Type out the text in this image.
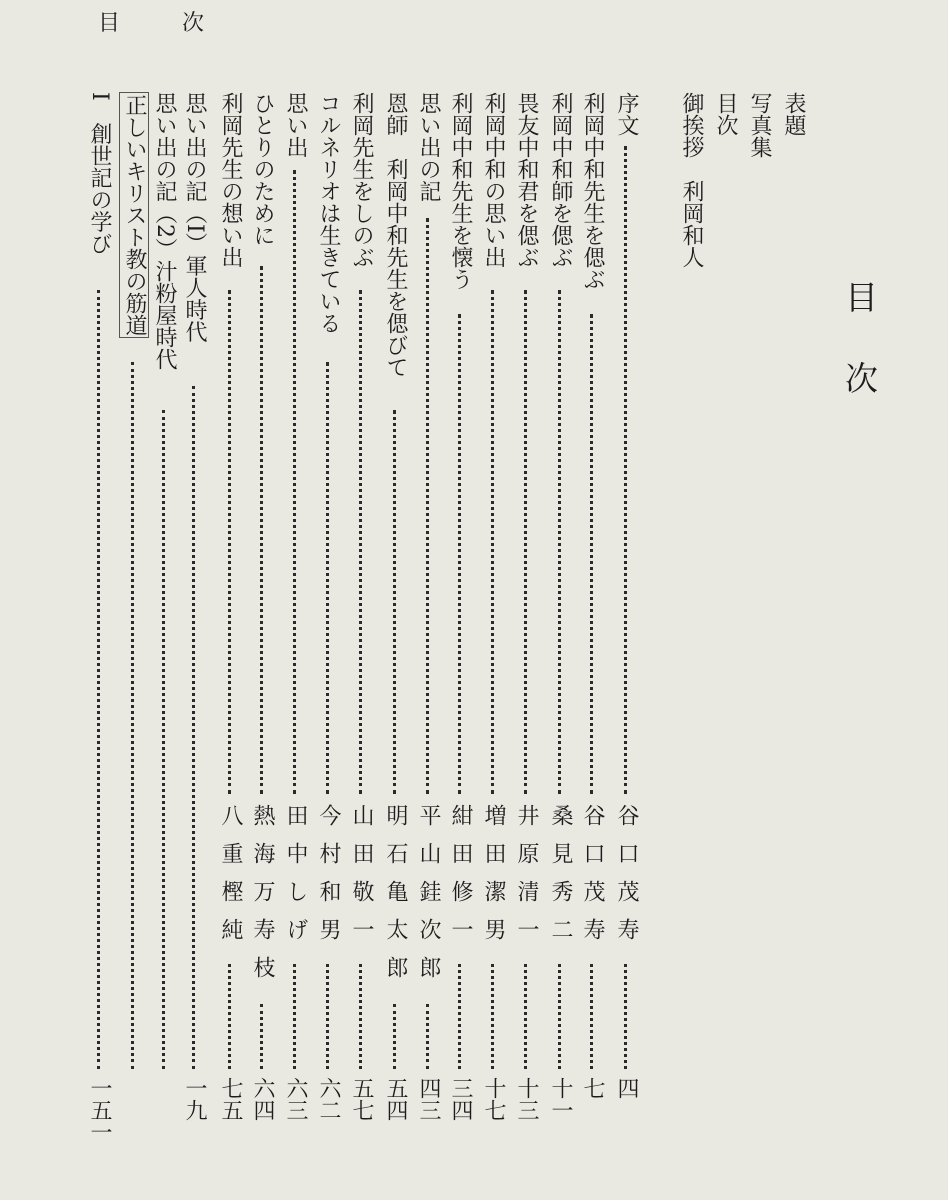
目	次
目次
表題
写真集
目次
御挨拶　利岡和人
序文
谷口茂寿
四
利岡中和先生を偲ぶ
谷口茂寿
七
利岡中和師を偲ぶ
桑見秀二
十一
畏友中和君を偲ぶ
井原清一
十三
利岡中和の思い出
増田潔男
十七
利岡中和先生を懐う
紺田修一
三四
思い出の記
平山銈次郎
四三
恩師　利岡中和先生を偲びて
明石亀太郎
五四
利岡先生をしのぶ
山田敬一
五七
コルネリオは生きている
今村和男
六二
思い出
田中しげ
六三
ひとりのために
熱海万寿枝
六四
利岡先生の想い出
八重樫純
七五
思い出の記（I）軍人時代
一九
思い出の記（2）汁粉屋時代
正しいキリスト教の筋道
I　創世記の学び
一五一
